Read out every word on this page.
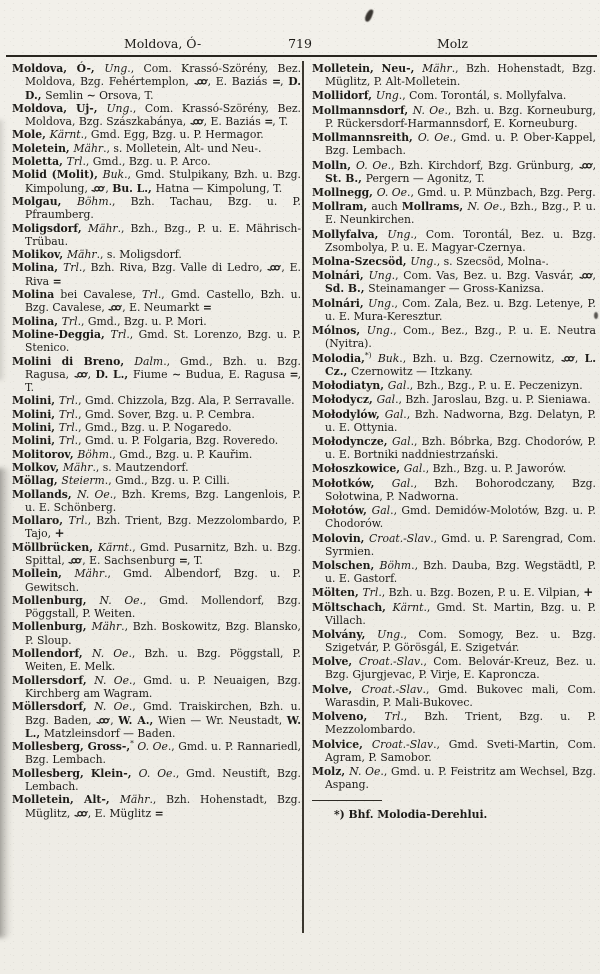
719
Moldova, Ó-	Molz

Moldova, Ó-, Ung., Com. Krassó-Szörény, Bez. Moldova, Bzg. Fehértemplon, , E. Baziás =, D. D., Semlin ∼ Orsova, T.

Moldova, Uj-, Ung., Com. Krassó-Szörény, Bez. Moldova, Bzg. Szászkabánya, , E. Baziás =, T.

Mole, Kärnt., Gmd. Egg, Bzg. u. P. Hermagor.

Moletein, Mähr., s. Molletein, Alt- und Neu-.

Moletta, Trl., Gmd., Bzg. u. P. Arco.

Molid (Molit), Buk., Gmd. Stulpikany, Bzh. u. Bzg. Kimpolung, , Bu. L., Hatna — Kimpolung, T.

Molgau, Böhm., Bzh. Tachau, Bzg. u. P. Pfraumberg.

Moligsdorf, Mähr., Bzh., Bzg., P. u. E. Mährisch-Trübau.

Molikov, Mähr., s. Moligsdorf.

Molina, Trl., Bzh. Riva, Bzg. Valle di Ledro, , E. Riva =

Molina bei Cavalese, Trl., Gmd. Castello, Bzh. u. Bzg. Cavalese, , E. Neumarkt =

Molina, Trl., Gmd., Bzg. u. P. Mori.

Moline-Deggia, Trl., Gmd. St. Lorenzo, Bzg. u. P. Stenico.

Molini di Breno, Dalm., Gmd., Bzh. u. Bzg. Ragusa, , D. L., Fiume ∼ Budua, E. Ragusa =, T.

Molini, Trl., Gmd. Chizzola, Bzg. Ala, P. Serravalle.

Molini, Trl., Gmd. Sover, Bzg. u. P. Cembra.

Molini, Trl., Gmd., Bzg. u. P. Nogaredo.

Molini, Trl., Gmd. u. P. Folgaria, Bzg. Roveredo.

Molitorov, Böhm., Gmd., Bzg. u. P. Kauřim.

Molkov, Mähr., s. Mautzendorf.

Möllag, Steierm., Gmd., Bzg. u. P. Cilli.

Mollands, N. Oe., Bzh. Krems, Bzg. Langenlois, P. u. E. Schönberg.

Mollaro, Trl., Bzh. Trient, Bzg. Mezzolombardo, P. Tajo, +

Möllbrücken, Kärnt., Gmd. Pusarnitz, Bzh. u. Bzg. Spittal, , E. Sachsenburg =, T.

Mollein, Mähr., Gmd. Albendorf, Bzg. u. P. Gewitsch.

Mollenburg, N. Oe., Gmd. Mollendorf, Bzg. Pöggstall, P. Weiten.

Mollenburg, Mähr., Bzh. Boskowitz, Bzg. Blansko, P. Sloup.

Mollendorf, N. Oe., Bzh. u. Bzg. Pöggstall, P. Weiten, E. Melk.

Mollersdorf, N. Oe., Gmd. u. P. Neuaigen, Bzg. Kirchberg am Wagram.

Möllersdorf, N. Oe., Gmd. Traiskirchen, Bzh. u. Bzg. Baden, , W. A., Wien — Wr. Neustadt, W. L., Matzleinsdorf — Baden.

Mollesberg, Gross-,* O. Oe., Gmd. u. P. Rannariedl, Bzg. Lembach.

Mollesberg, Klein-, O. Oe., Gmd. Neustift, Bzg. Lembach.

Molletein, Alt-, Mähr., Bzh. Hohenstadt, Bzg. Müglitz, , E. Müglitz =

Molletein, Neu-, Mähr., Bzh. Hohenstadt, Bzg. Müglitz, P. Alt-Molletein.

Mollidorf, Ung., Com. Torontál, s. Mollyfalva.

Mollmannsdorf, N. Oe., Bzh. u. Bzg. Korneuburg, P. Rückersdorf-Harmannsdorf, E. Korneuburg.

Mollmannsreith, O. Oe., Gmd. u. P. Ober-Kappel, Bzg. Lembach.

Molln, O. Oe., Bzh. Kirchdorf, Bzg. Grünburg, , St. B., Pergern — Agonitz, T.

Mollnegg, O. Oe., Gmd. u. P. Münzbach, Bzg. Perg.

Mollram, auch Mollrams, N. Oe., Bzh., Bzg., P. u. E. Neunkirchen.

Mollyfalva, Ung., Com. Torontál, Bez. u. Bzg. Zsombolya, P. u. E. Magyar-Czernya.

Molna-Szecsöd, Ung., s. Szecsöd, Molna-.

Molnári, Ung., Com. Vas, Bez. u. Bzg. Vasvár, , Sd. B., Steinamanger — Gross-Kanizsa.

Molnári, Ung., Com. Zala, Bez. u. Bzg. Letenye, P. u. E. Mura-Keresztur.

Mólnos, Ung., Com., Bez., Bzg., P. u. E. Neutra (Nyitra).

Molodia,*) Buk., Bzh. u. Bzg. Czernowitz, , L. Cz., Czernowitz — Itzkany.

Mołodiatyn, Gal., Bzh., Bzg., P. u. E. Peczenizyn.

Mołodycz, Gal., Bzh. Jaroslau, Bzg. u. P. Sieniawa.

Mołodylów, Gal., Bzh. Nadworna, Bzg. Delatyn, P. u. E. Ottynia.

Mołodyncze, Gal., Bzh. Bóbrka, Bzg. Chodorów, P. u. E. Bortniki naddniestrzański.

Mołoszkowice, Gal., Bzh., Bzg. u. P. Jaworów.

Mołotków, Gal., Bzh. Bohorodczany, Bzg. Sołotwina, P. Nadworna.

Mołotów, Gal., Gmd. Demidów-Molotów, Bzg. u. P. Chodorów.

Molovin, Croat.-Slav., Gmd. u. P. Sarengrad, Com. Syrmien.

Molschen, Böhm., Bzh. Dauba, Bzg. Wegstädtl, P. u. E. Gastorf.

Mölten, Trl., Bzh. u. Bzg. Bozen, P. u. E. Vilpian, +

Möltschach, Kärnt., Gmd. St. Martin, Bzg. u. P. Villach.

Molvány, Ung., Com. Somogy, Bez. u. Bzg. Szigetvár, P. Görösgál, E. Szigetvár.

Molve, Croat.-Slav., Com. Belovár-Kreuz, Bez. u. Bzg. Gjurgjevac, P. Virje, E. Kaproncza.

Molve, Croat.-Slav., Gmd. Bukovec mali, Com. Warasdin, P. Mali-Bukovec.

Molveno, Trl., Bzh. Trient, Bzg. u. P. Mezzolombardo.

Molvice, Croat.-Slav., Gmd. Sveti-Martin, Com. Agram, P. Samobor.

Molz, N. Oe., Gmd. u. P. Feistritz am Wechsel, Bzg. Aspang.

*) Bhf. Molodia-Derehlui.
